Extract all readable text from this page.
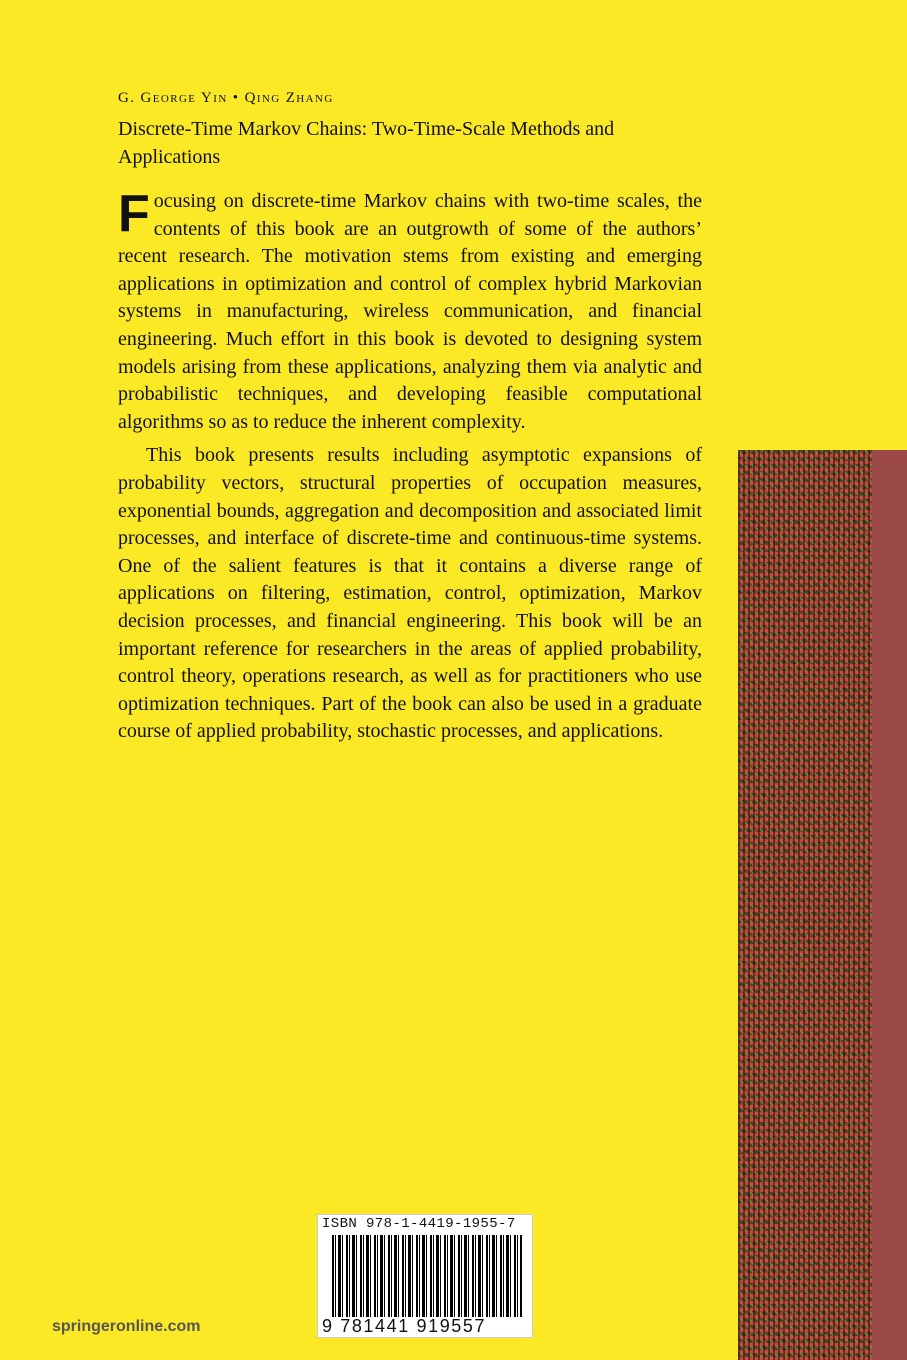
G. George Yin • Qing Zhang
Discrete-Time Markov Chains: Two-Time-Scale Methods and Applications

Focusing on discrete-time Markov chains with two-time scales, the contents of this book are an outgrowth of some of the authors’ recent research. The motivation stems from existing and emerging applications in optimization and control of complex hybrid Markovian systems in manufacturing, wireless communication, and financial engineering. Much effort in this book is devoted to designing system models arising from these applications, analyzing them via analytic and probabilistic techniques, and developing feasible computational algorithms so as to reduce the inherent complexity.

This book presents results including asymptotic expansions of probability vectors, structural properties of occupation measures, exponential bounds, aggregation and decomposition and associated limit processes, and interface of discrete-time and continuous-time systems. One of the salient features is that it contains a diverse range of applications on filtering, estimation, control, optimization, Markov decision processes, and financial engineering. This book will be an important reference for researchers in the areas of applied probability, control theory, operations research, as well as for practitioners who use optimization techniques. Part of the book can also be used in a graduate course of applied probability, stochastic processes, and applications.

ISBN 978-1-4419-1955-7
9 781441 919557
springeronline.com
